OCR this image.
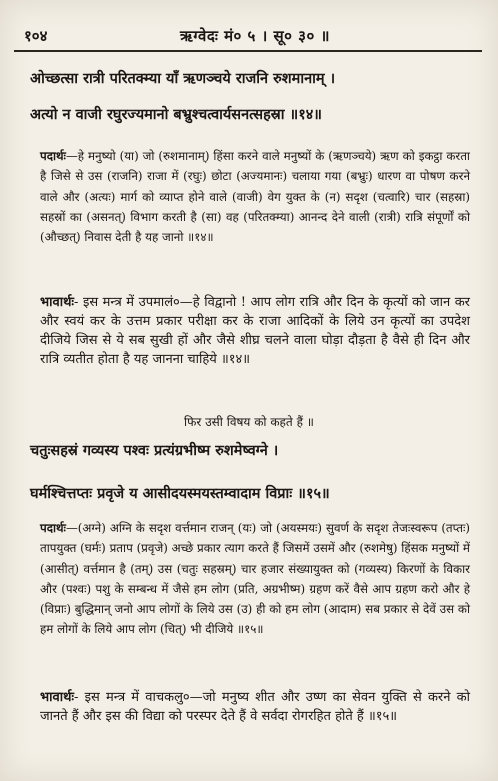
१०४	ऋग्वेदः मं० ५ । सू० ३० ॥
ओच्छत्सा रात्री परितक्म्या याँ ऋणञ्चये राजनि रुशमानाम् ।
अत्यो न वाजी रघुरज्यमानो बभ्रुश्चत्वार्यसनत्सहस्रा ॥१४॥

पदार्थः—हे मनुष्यो (या) जो (रुशमानाम्) हिंसा करने वाले मनुष्यों के (ऋणञ्चये) ऋण को इकट्ठा करता है जिसे से उस (राजनि) राजा में (रघुः) छोटा (अज्यमानः) चलाया गया (बभ्रुः) धारण वा पोषण करने वाले और (अत्यः) मार्ग को व्याप्त होने वाले (वाजी) वेग युक्त के (न) सदृश (चत्वारि) चार (सहस्रा) सहस्रों का (असनत्) विभाग करती है (सा) वह (परितक्म्या) आनन्द देने वाली (रात्री) रात्रि संपूर्णों को (औच्छत्) निवास देती है यह जानो ॥१४॥

भावार्थः- इस मन्त्र में उपमालं०—हे विद्वानो ! आप लोग रात्रि और दिन के कृत्यों को जान कर और स्वयं कर के उत्तम प्रकार परीक्षा कर के राजा आदिकों के लिये उन कृत्यों का उपदेश दीजिये जिस से ये सब सुखी हों और जैसे शीघ्र चलने वाला घोड़ा दौड़ता है वैसे ही दिन और रात्रि व्यतीत होता है यह जानना चाहिये ॥१४॥

फिर उसी विषय को कहते हैं ॥
चतुःसहस्रं गव्यस्य पश्वः प्रत्यंग्रभीष्म रुशमेष्वग्ने ।
घर्मश्चित्तप्तः प्रवृजे य आसीदयस्मयस्तम्वादाम विप्राः ॥१५॥

पदार्थः—(अग्ने) अग्नि के सदृश वर्त्तमान राजन् (यः) जो (अयस्मयः) सुवर्ण के सदृश तेजःस्वरूप (तप्तः) तापयुक्त (घर्मः) प्रताप (प्रवृजे) अच्छे प्रकार त्याग करते हैं जिसमें उसमें और (रुशमेषु) हिंसक मनुष्यों में (आसीत्) वर्त्तमान है (तम्) उस (चतुः सहस्रम्) चार हजार संख्यायुक्त को (गव्यस्य) किरणों के विकार और (पश्वः) पशु के सम्बन्ध में जैसे हम लोग (प्रति, अग्रभीष्म) ग्रहण करें वैसे आप ग्रहण करो और हे (विप्राः) बुद्धिमान् जनो आप लोगों के लिये उस (उ) ही को हम लोग (आदाम) सब प्रकार से देवें उस को हम लोगों के लिये आप लोग (चित्) भी दीजिये ॥१५॥

भावार्थः- इस मन्त्र में वाचकलु०—जो मनुष्य शीत और उष्ण का सेवन युक्ति से करने को जानते हैं और इस की विद्या को परस्पर देते हैं वे सर्वदा रोगरहित होते हैं ॥१५॥
